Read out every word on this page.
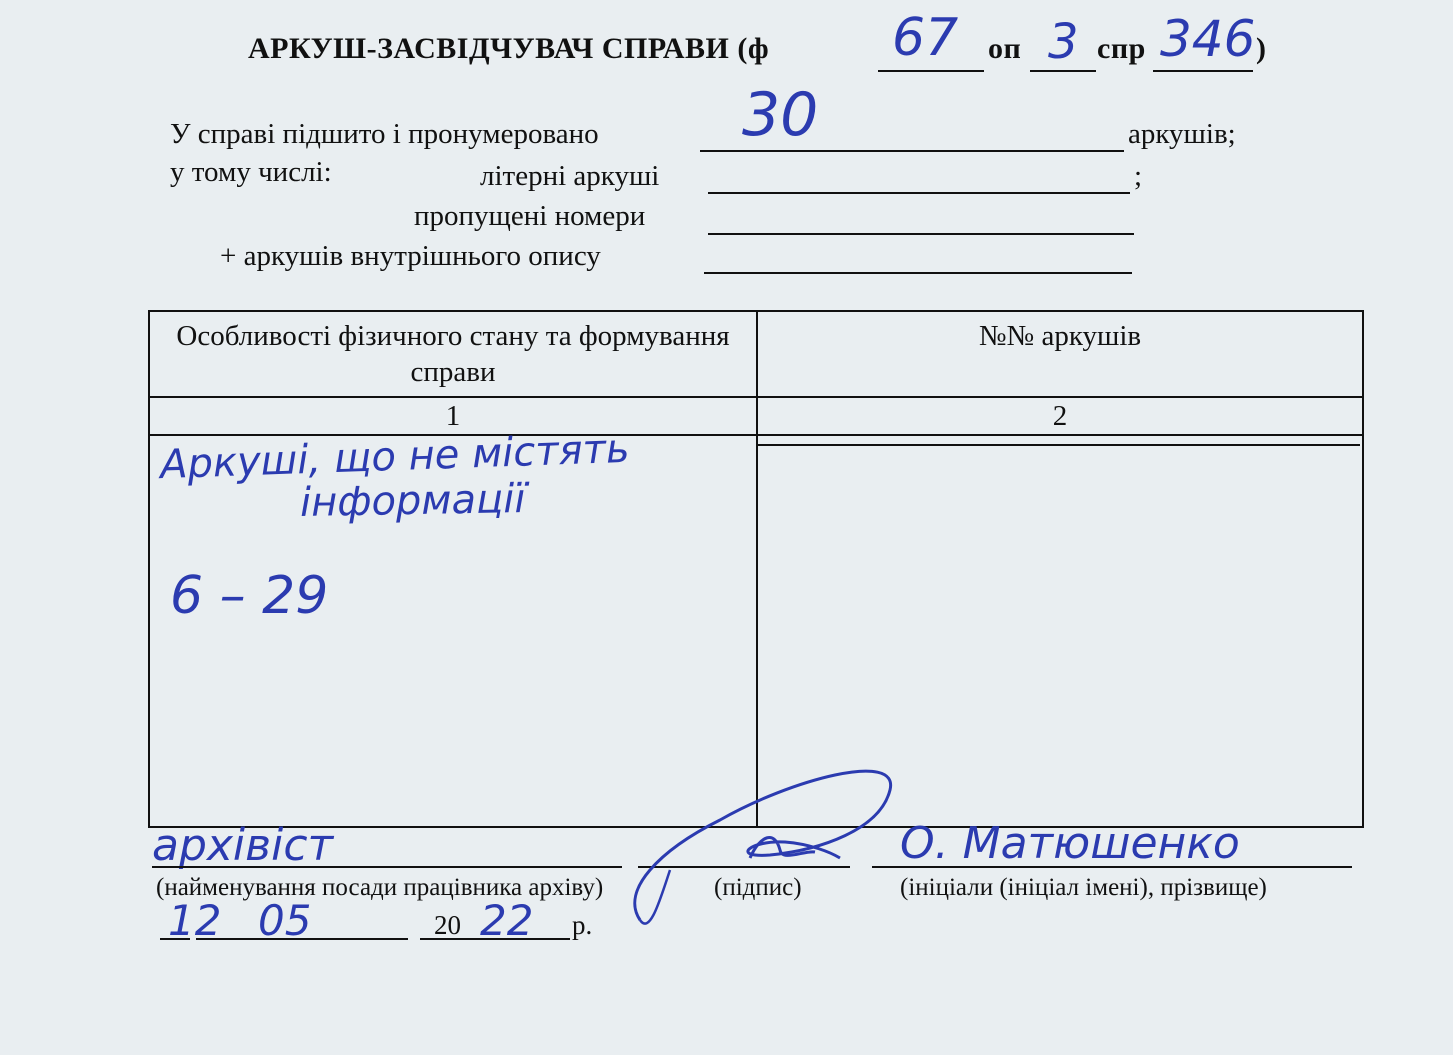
АРКУШ-ЗАСВІДЧУВАЧ СПРАВИ (ф 67 оп 3 спр 346 )
У справі підшито і пронумеровано 30	аркушів;
у тому числі:	літерні аркуші	;
пропущені номери
+ аркушів внутрішнього опису
Особливості фізичного стану та формування справи	№№ аркушів
1	2

Аркуші, що не містять
інформації
6 – 29
архівіст	О. Матюшенко
(найменування посади працівника архіву)	(підпис)	(ініціали (ініціал імені), прізвище)
12 05	20 22 р.
